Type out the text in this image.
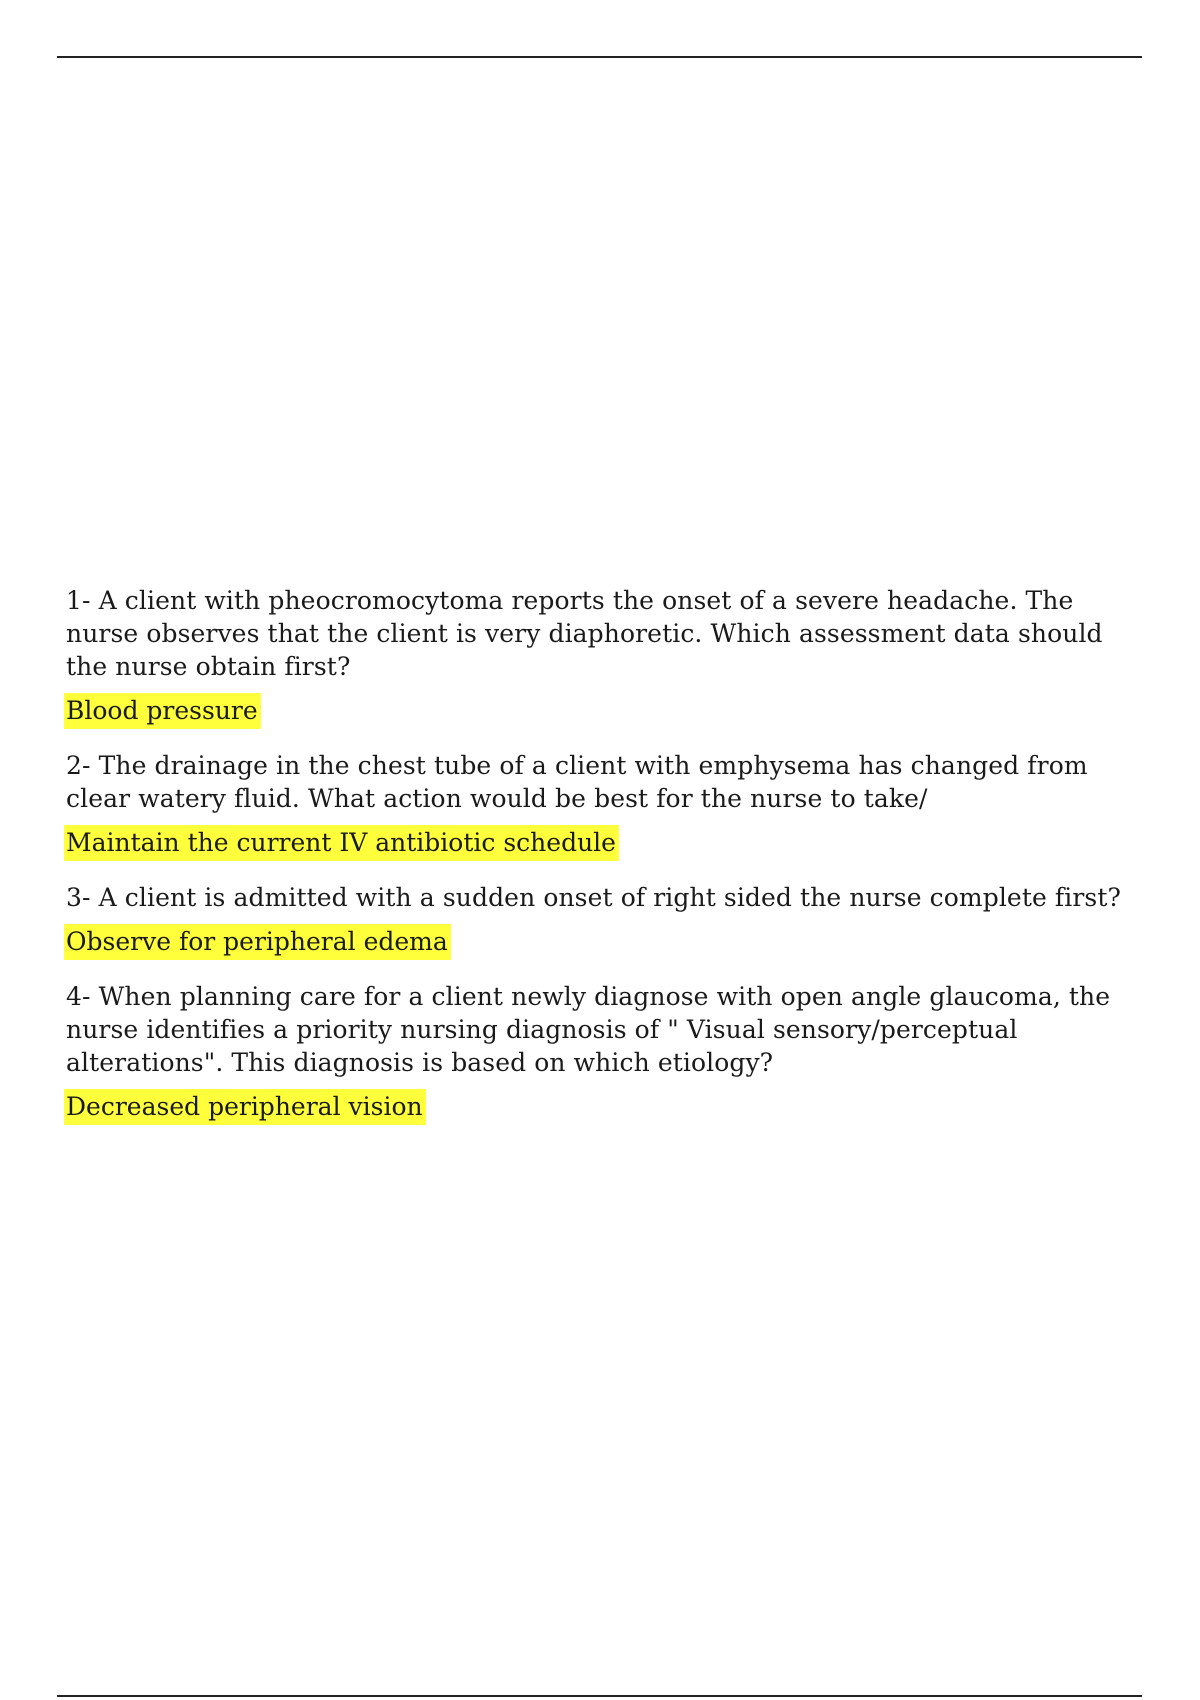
1- A client with pheocromocytoma reports the onset of a severe headache. The nurse observes that the client is very diaphoretic. Which assessment data should the nurse obtain first?
Blood pressure
2- The drainage in the chest tube of a client with emphysema has changed from clear watery fluid. What action would be best for the nurse to take/
Maintain the current IV antibiotic schedule
3- A client is admitted with a sudden onset of right sided the nurse complete first?
Observe for peripheral edema
4- When planning care for a client newly diagnose with open angle glaucoma, the nurse identifies a priority nursing diagnosis of " Visual sensory/perceptual alterations". This diagnosis is based on which etiology?
Decreased peripheral vision
